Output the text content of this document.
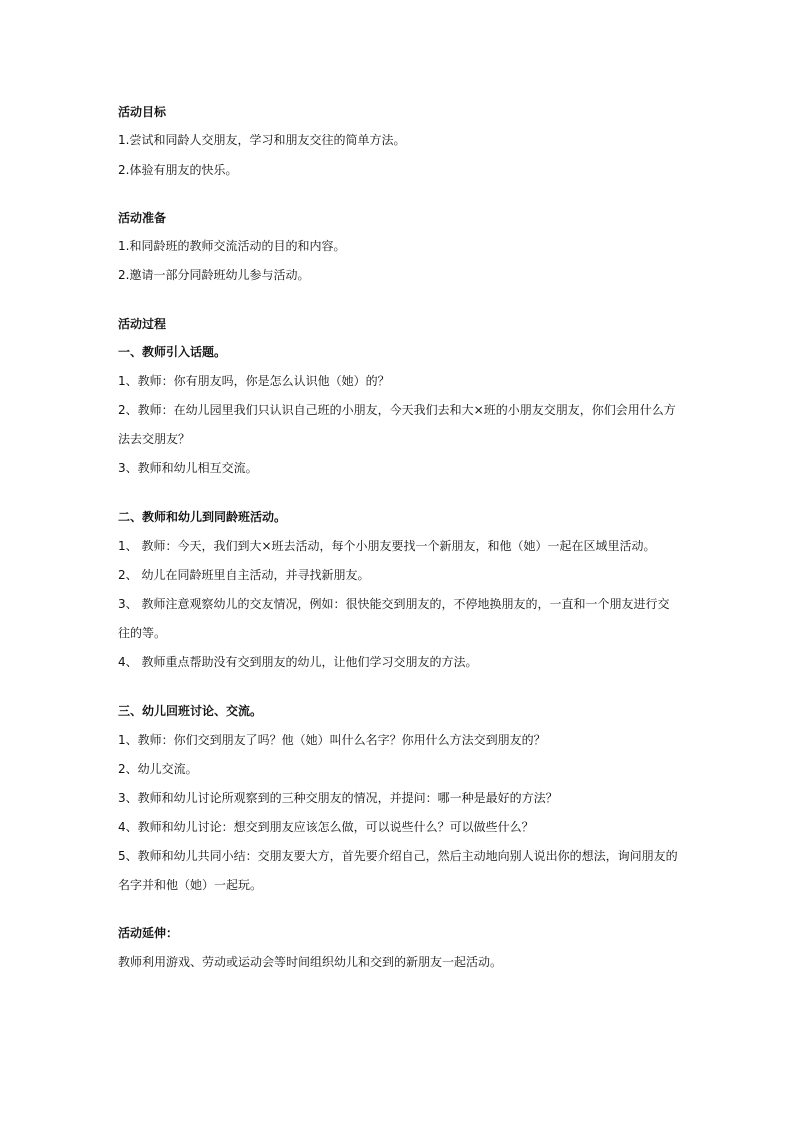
活动目标
1.尝试和同龄人交朋友，学习和朋友交往的简单方法。
2.体验有朋友的快乐。
活动准备
1.和同龄班的教师交流活动的目的和内容。
2.邀请一部分同龄班幼儿参与活动。
活动过程
一、教师引入话题。
1、教师：你有朋友吗，你是怎么认识他（她）的？
2、教师：在幼儿园里我们只认识自己班的小朋友，今天我们去和大×班的小朋友交朋友，你们会用什么方
法去交朋友？
3、教师和幼儿相互交流。
二、教师和幼儿到同龄班活动。
1、 教师：今天，我们到大×班去活动，每个小朋友要找一个新朋友，和他（她）一起在区域里活动。
2、 幼儿在同龄班里自主活动，并寻找新朋友。
3、 教师注意观察幼儿的交友情况，例如：很快能交到朋友的，不停地换朋友的，一直和一个朋友进行交
往的等。
4、 教师重点帮助没有交到朋友的幼儿，让他们学习交朋友的方法。
三、幼儿回班讨论、交流。
1、教师：你们交到朋友了吗？他（她）叫什么名字？你用什么方法交到朋友的？
2、幼儿交流。
3、教师和幼儿讨论所观察到的三种交朋友的情况，并提问：哪一种是最好的方法？
4、教师和幼儿讨论：想交到朋友应该怎么做，可以说些什么？可以做些什么？
5、教师和幼儿共同小结：交朋友要大方，首先要介绍自己，然后主动地向别人说出你的想法，询问朋友的
名字并和他（她）一起玩。
活动延伸：
教师利用游戏、劳动或运动会等时间组织幼儿和交到的新朋友一起活动。
